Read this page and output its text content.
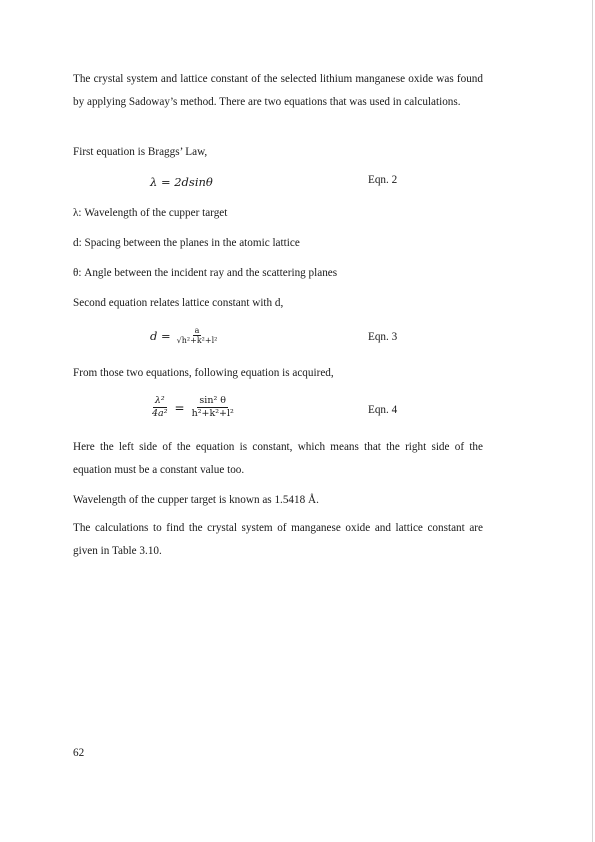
The crystal system and lattice constant of the selected lithium manganese oxide was found by applying Sadoway’s method. There are two equations that was used in calculations.

First equation is Braggs’ Law,

λ = 2dsinθ	Eqn. 2

λ: Wavelength of the cupper target

d: Spacing between the planes in the atomic lattice

θ: Angle between the incident ray and the scattering planes

Second equation relates lattice constant with d,

$d = \frac{a}{\text{√h²+k²+l²}}$	Eqn. 3

From those two equations, following equation is acquired,

$\frac{\text{λ²}}{\text{4a²}} = \frac{\text{sin² θ}}{\text{h²+k²+l²}}$	Eqn. 4

Here the left side of the equation is constant, which means that the right side of the equation must be a constant value too.

Wavelength of the cupper target is known as 1.5418 Å.

The calculations to find the crystal system of manganese oxide and lattice constant are given in Table 3.10.

62
